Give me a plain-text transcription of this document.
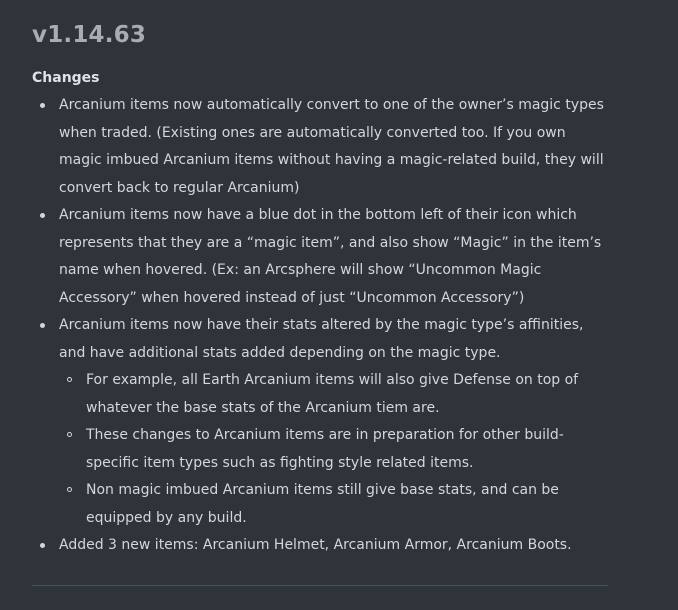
v1.14.63
Changes
Arcanium items now automatically convert to one of the owner’s magic types when traded. (Existing ones are automatically converted too. If you own magic imbued Arcanium items without having a magic-related build, they will convert back to regular Arcanium)
Arcanium items now have a blue dot in the bottom left of their icon which represents that they are a “magic item”, and also show “Magic” in the item’s name when hovered. (Ex: an Arcsphere will show “Uncommon Magic Accessory” when hovered instead of just “Uncommon Accessory”)
Arcanium items now have their stats altered by the magic type’s affinities, and have additional stats added depending on the magic type.
For example, all Earth Arcanium items will also give Defense on top of whatever the base stats of the Arcanium tiem are.
These changes to Arcanium items are in preparation for other build-specific item types such as fighting style related items.
Non magic imbued Arcanium items still give base stats, and can be equipped by any build.
Added 3 new items: Arcanium Helmet, Arcanium Armor, Arcanium Boots.
